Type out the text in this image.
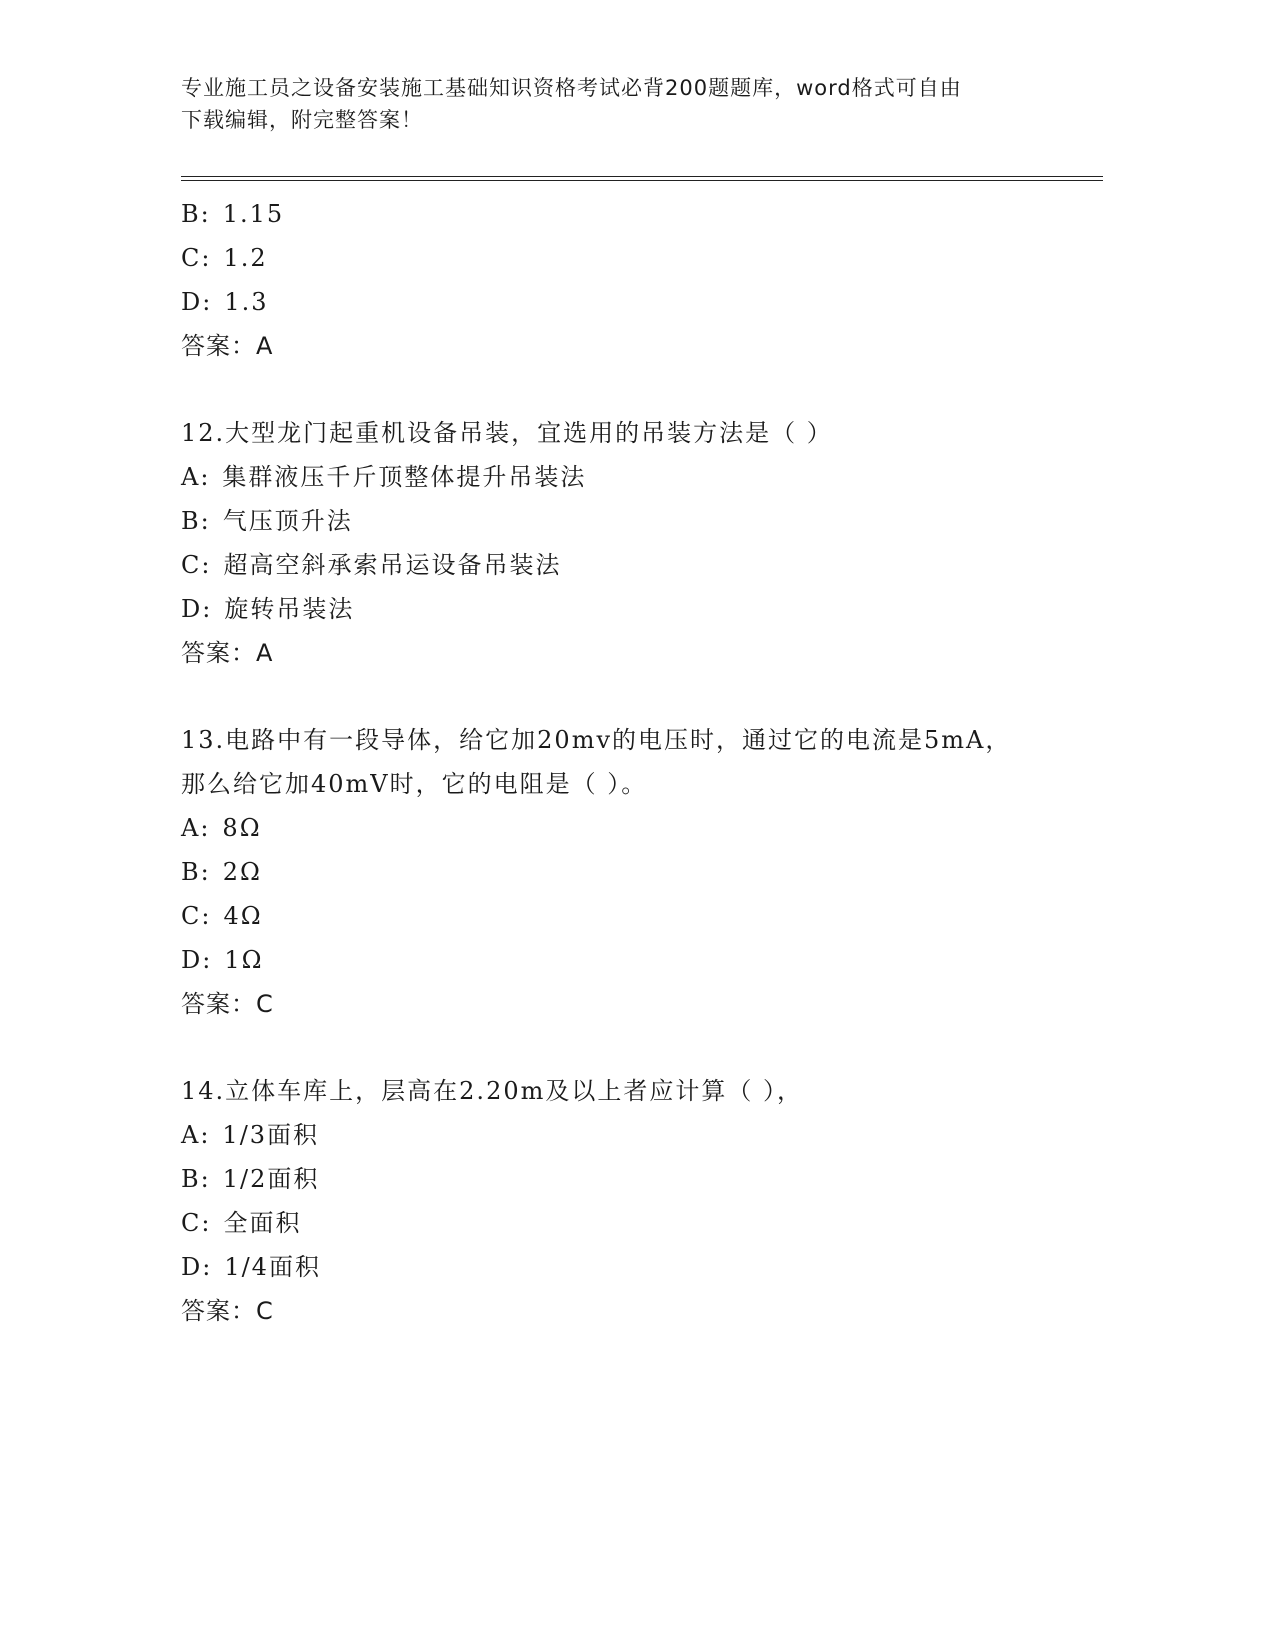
专业施工员之设备安装施工基础知识资格考试必背200题题库，word格式可自由
下载编辑，附完整答案！
B: 1.15
C: 1.2
D: 1.3
答案：A
12.大型龙门起重机设备吊装，宜选用的吊装方法是（ ）
A: 集群液压千斤顶整体提升吊装法
B: 气压顶升法
C: 超高空斜承索吊运设备吊装法
D: 旋转吊装法
答案：A
13.电路中有一段导体，给它加20mv的电压时，通过它的电流是5mA，
那么给它加40mV时，它的电阻是（ ）。
A: 8Ω
B: 2Ω
C: 4Ω
D: 1Ω
答案：C
14.立体车库上，层高在2.20m及以上者应计算（ ），
A: 1/3面积
B: 1/2面积
C: 全面积
D: 1/4面积
答案：C
